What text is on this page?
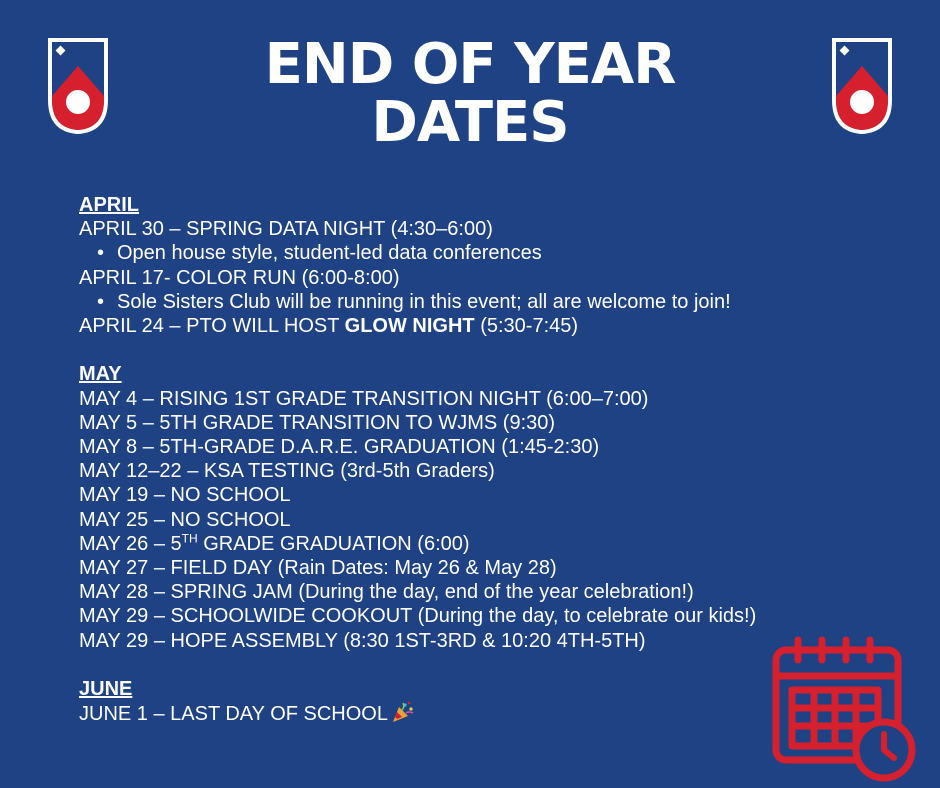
END OF YEAR
DATES
APRIL
APRIL 30 – SPRING DATA NIGHT (4:30–6:00)
• Open house style, student-led data conferences
APRIL 17- COLOR RUN (6:00-8:00)
• Sole Sisters Club will be running in this event; all are welcome to join!
APRIL 24 – PTO WILL HOST GLOW NIGHT (5:30-7:45)
MAY
MAY 4 – RISING 1ST GRADE TRANSITION NIGHT (6:00–7:00)
MAY 5 – 5TH GRADE TRANSITION TO WJMS (9:30)
MAY 8 – 5TH-GRADE D.A.R.E. GRADUATION (1:45-2:30)
MAY 12–22 – KSA TESTING (3rd-5th Graders)
MAY 19 – NO SCHOOL
MAY 25 – NO SCHOOL
MAY 26 – 5TH GRADE GRADUATION (6:00)
MAY 27 – FIELD DAY (Rain Dates: May 26 & May 28)
MAY 28 – SPRING JAM (During the day, end of the year celebration!)
MAY 29 – SCHOOLWIDE COOKOUT (During the day, to celebrate our kids!)
MAY 29 – HOPE ASSEMBLY (8:30 1ST-3RD & 10:20 4TH-5TH)
JUNE
JUNE 1 – LAST DAY OF SCHOOL
